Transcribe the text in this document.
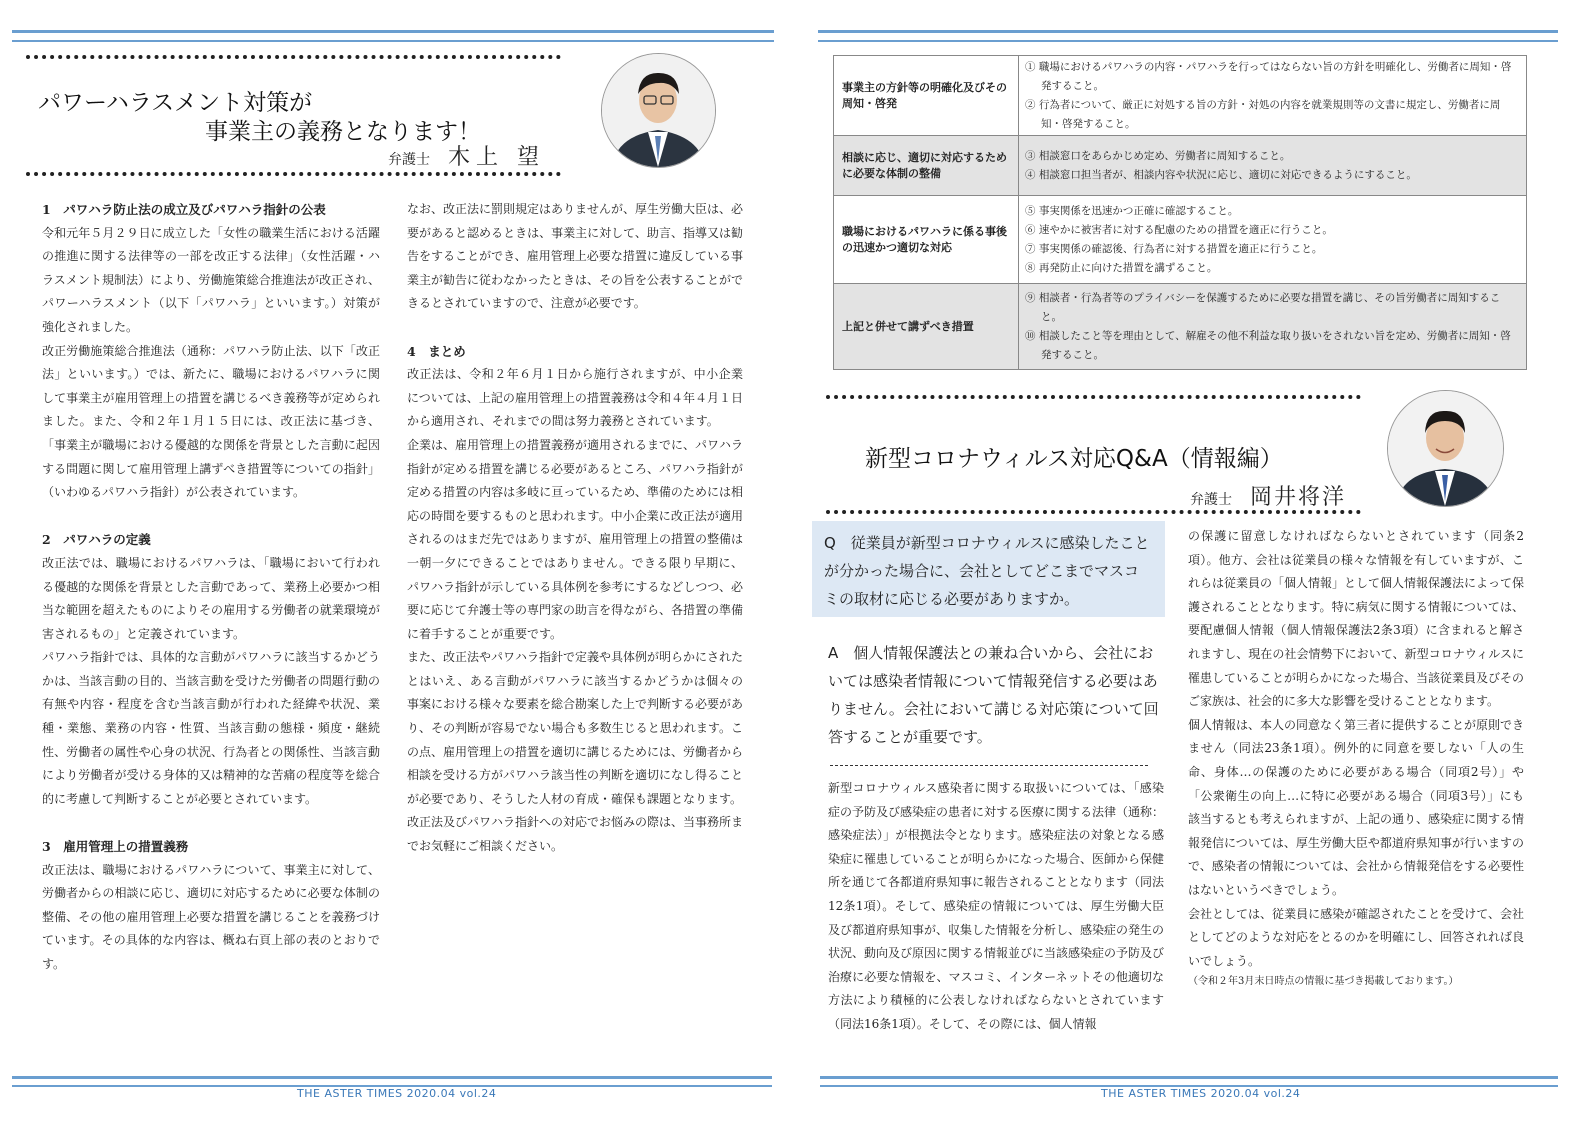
パワーハラスメント対策が
事業主の義務となります！
弁護士 木上 望
1　パワハラ防止法の成立及びパワハラ指針の公表

令和元年５月２９日に成立した「女性の職業生活における活躍の推進に関する法律等の一部を改正する法律」（女性活躍・ハラスメント規制法）により、労働施策総合推進法が改正され、パワーハラスメント（以下「パワハラ」といいます。）対策が強化されました。

改正労働施策総合推進法（通称：パワハラ防止法、以下「改正法」といいます。）では、新たに、職場におけるパワハラに関して事業主が雇用管理上の措置を講じるべき義務等が定められました。また、令和２年１月１５日には、改正法に基づき、「事業主が職場における優越的な関係を背景とした言動に起因する問題に関して雇用管理上講ずべき措置等についての指針」（いわゆるパワハラ指針）が公表されています。

2　パワハラの定義

改正法では、職場におけるパワハラは、「職場において行われる優越的な関係を背景とした言動であって、業務上必要かつ相当な範囲を超えたものによりその雇用する労働者の就業環境が害されるもの」と定義されています。

パワハラ指針では、具体的な言動がパワハラに該当するかどうかは、当該言動の目的、当該言動を受けた労働者の問題行動の有無や内容・程度を含む当該言動が行われた経緯や状況、業種・業態、業務の内容・性質、当該言動の態様・頻度・継続性、労働者の属性や心身の状況、行為者との関係性、当該言動により労働者が受ける身体的又は精神的な苦痛の程度等を総合的に考慮して判断することが必要とされています。

3　雇用管理上の措置義務

改正法は、職場におけるパワハラについて、事業主に対して、労働者からの相談に応じ、適切に対応するために必要な体制の整備、その他の雇用管理上必要な措置を講じることを義務づけています。その具体的な内容は、概ね右頁上部の表のとおりです。

なお、改正法に罰則規定はありませんが、厚生労働大臣は、必要があると認めるときは、事業主に対して、助言、指導又は勧告をすることができ、雇用管理上必要な措置に違反している事業主が勧告に従わなかったときは、その旨を公表することができるとされていますので、注意が必要です。

4　まとめ

改正法は、令和２年６月１日から施行されますが、中小企業については、上記の雇用管理上の措置義務は令和４年４月１日から適用され、それまでの間は努力義務とされています。

企業は、雇用管理上の措置義務が適用されるまでに、パワハラ指針が定める措置を講じる必要があるところ、パワハラ指針が定める措置の内容は多岐に亘っているため、準備のためには相応の時間を要するものと思われます。中小企業に改正法が適用されるのはまだ先ではありますが、雇用管理上の措置の整備は一朝一夕にできることではありません。できる限り早期に、パワハラ指針が示している具体例を参考にするなどしつつ、必要に応じて弁護士等の専門家の助言を得ながら、各措置の準備に着手することが重要です。

また、改正法やパワハラ指針で定義や具体例が明らかにされたとはいえ、ある言動がパワハラに該当するかどうかは個々の事案における様々な要素を総合勘案した上で判断する必要があり、その判断が容易でない場合も多数生じると思われます。この点、雇用管理上の措置を適切に講じるためには、労働者から相談を受ける方がパワハラ該当性の判断を適切になし得ることが必要であり、そうした人材の育成・確保も課題となります。

改正法及びパワハラ指針への対応でお悩みの際は、当事務所までお気軽にご相談ください。

THE ASTER TIMES 2020.04 vol.24
事業主の方針等の明確化及びその周知・啓発	① 職場におけるパワハラの内容・パワハラを行ってはならない旨の方針を明確化し、労働者に周知・啓発すること。
② 行為者について、厳正に対処する旨の方針・対処の内容を就業規則等の文書に規定し、労働者に周知・啓発すること。

相談に応じ、適切に対応するために必要な体制の整備	③ 相談窓口をあらかじめ定め、労働者に周知すること。
④ 相談窓口担当者が、相談内容や状況に応じ、適切に対応できるようにすること。

職場におけるパワハラに係る事後の迅速かつ適切な対応	⑤ 事実関係を迅速かつ正確に確認すること。
⑥ 速やかに被害者に対する配慮のための措置を適正に行うこと。
⑦ 事実関係の確認後、行為者に対する措置を適正に行うこと。
⑧ 再発防止に向けた措置を講ずること。

上記と併せて講ずべき措置	⑨ 相談者・行為者等のプライバシーを保護するために必要な措置を講じ、その旨労働者に周知すること。
⑩ 相談したこと等を理由として、解雇その他不利益な取り扱いをされない旨を定め、労働者に周知・啓発すること。
新型コロナウィルス対応Q&A（情報編）
弁護士 岡井将洋
Q　従業員が新型コロナウィルスに感染したことが分かった場合に、会社としてどこまでマスコミの取材に応じる必要がありますか。
A　個人情報保護法との兼ね合いから、会社においては感染者情報について情報発信する必要はありません。会社において講じる対応策について回答することが重要です。

新型コロナウィルス感染者に関する取扱いについては、「感染症の予防及び感染症の患者に対する医療に関する法律（通称：感染症法）」が根拠法令となります。感染症法の対象となる感染症に罹患していることが明らかになった場合、医師から保健所を通じて各都道府県知事に報告されることとなります（同法12条1項）。そして、感染症の情報については、厚生労働大臣及び都道府県知事が、収集した情報を分析し、感染症の発生の状況、動向及び原因に関する情報並びに当該感染症の予防及び治療に必要な情報を、マスコミ、インターネットその他適切な方法により積極的に公表しなければならないとされています（同法16条1項）。そして、その際には、個人情報

の保護に留意しなければならないとされています（同条2項）。他方、会社は従業員の様々な情報を有していますが、これらは従業員の「個人情報」として個人情報保護法によって保護されることとなります。特に病気に関する情報については、要配慮個人情報（個人情報保護法2条3項）に含まれると解されますし、現在の社会情勢下において、新型コロナウィルスに罹患していることが明らかになった場合、当該従業員及びそのご家族は、社会的に多大な影響を受けることとなります。

個人情報は、本人の同意なく第三者に提供することが原則できません（同法23条1項）。例外的に同意を要しない「人の生命、身体…の保護のために必要がある場合（同項2号）」や「公衆衛生の向上…に特に必要がある場合（同項3号）」にも該当するとも考えられますが、上記の通り、感染症に関する情報発信については、厚生労働大臣や都道府県知事が行いますので、感染者の情報については、会社から情報発信をする必要性はないというべきでしょう。

会社としては、従業員に感染が確認されたことを受けて、会社としてどのような対応をとるのかを明確にし、回答されれば良いでしょう。

（令和２年3月末日時点の情報に基づき掲載しております。）

THE ASTER TIMES 2020.04 vol.24
